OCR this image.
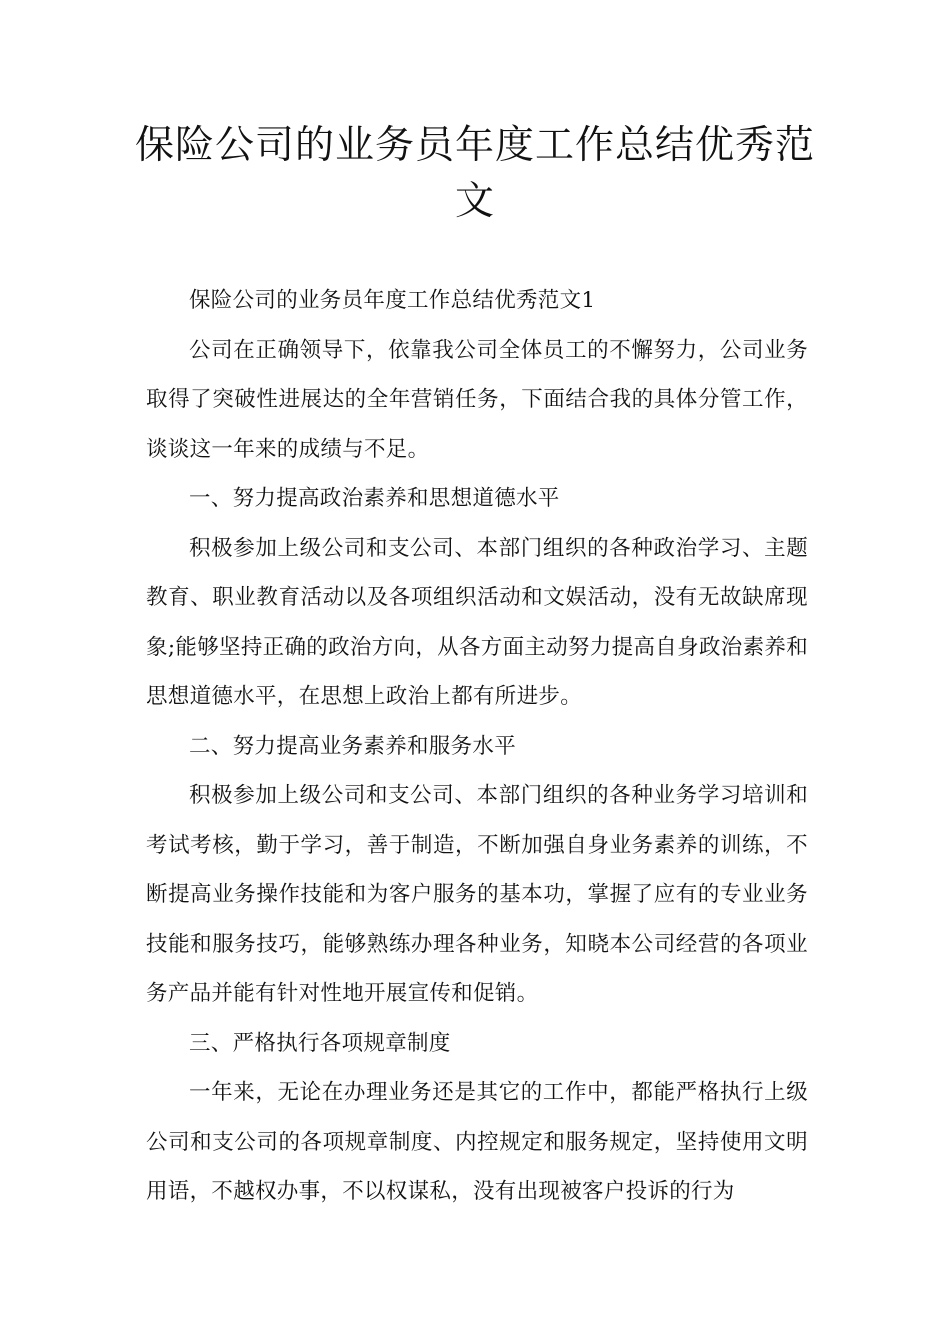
保险公司的业务员年度工作总结优秀范文

保险公司的业务员年度工作总结优秀范文1

公司在正确领导下，依靠我公司全体员工的不懈努力，公司业务取得了突破性进展达的全年营销任务，下面结合我的具体分管工作，谈谈这一年来的成绩与不足。

一、努力提高政治素养和思想道德水平

积极参加上级公司和支公司、本部门组织的各种政治学习、主题教育、职业教育活动以及各项组织活动和文娱活动，没有无故缺席现象;能够坚持正确的政治方向，从各方面主动努力提高自身政治素养和思想道德水平，在思想上政治上都有所进步。

二、努力提高业务素养和服务水平

积极参加上级公司和支公司、本部门组织的各种业务学习培训和考试考核，勤于学习，善于制造，不断加强自身业务素养的训练，不断提高业务操作技能和为客户服务的基本功，掌握了应有的专业业务技能和服务技巧，能够熟练办理各种业务，知晓本公司经营的各项业务产品并能有针对性地开展宣传和促销。

三、严格执行各项规章制度

一年来，无论在办理业务还是其它的工作中，都能严格执行上级公司和支公司的各项规章制度、内控规定和服务规定，坚持使用文明用语，不越权办事，不以权谋私，没有出现被客户投诉的行为
